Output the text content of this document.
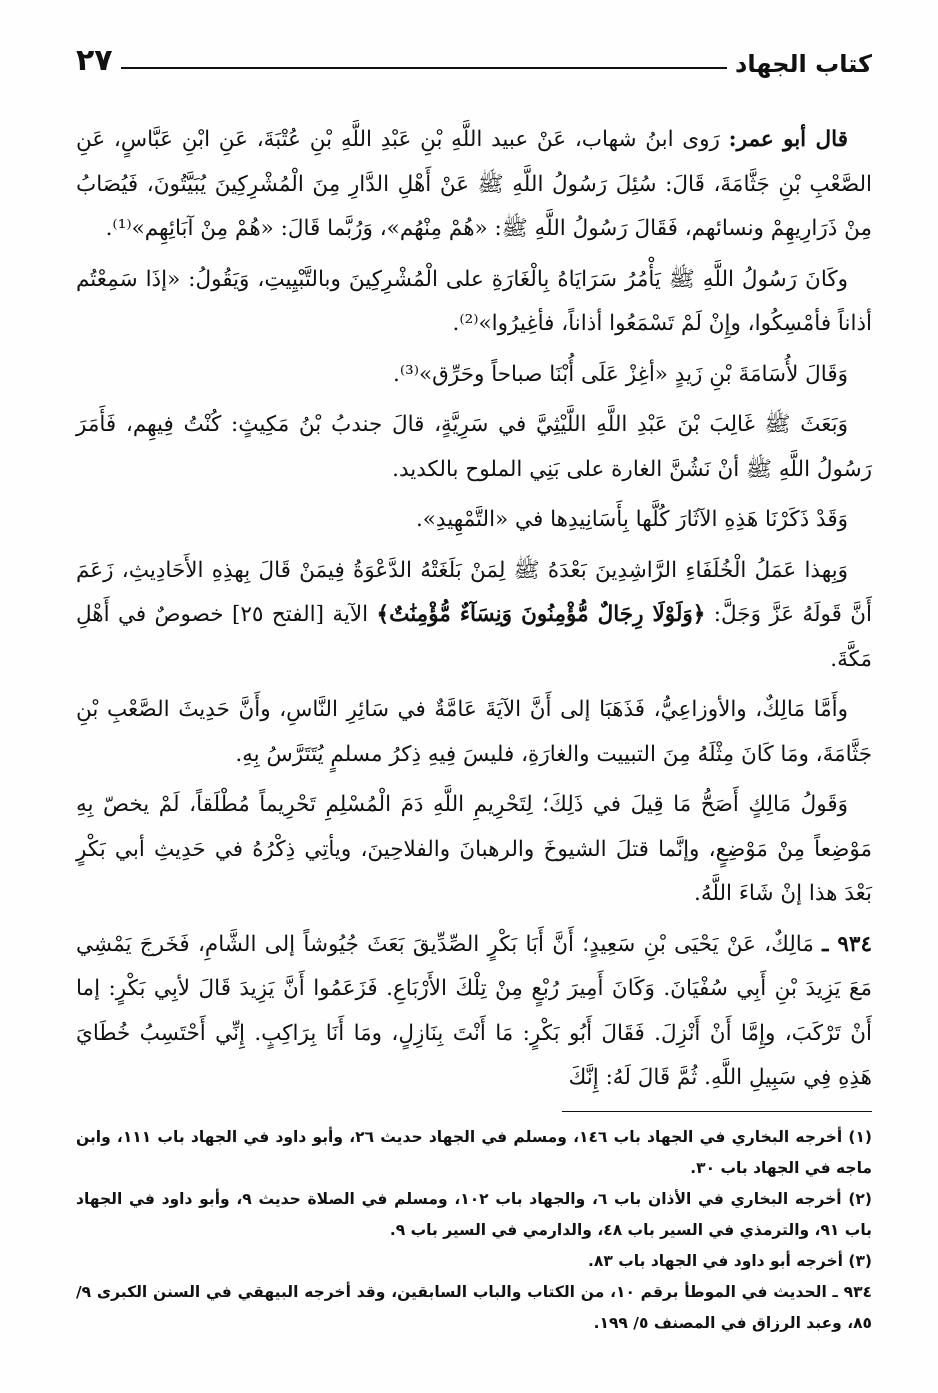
كتاب الجهاد
٢٧

قال أبو عمر: رَوى ابنُ شهاب، عَنْ عبيد اللَّهِ بْنِ عَبْدِ اللَّهِ بْنِ عُتْبَةَ، عَنِ ابْنِ عَبَّاسٍ، عَنِ الصَّعْبِ بْنِ جَثَّامَةَ، قَالَ: سُئِلَ رَسُولُ اللَّهِ ﷺ عَنْ أَهْلِ الدَّارِ مِنَ الْمُشْرِكِينَ يُبَيَّتُونَ، فَيُصَابُ مِنْ ذَرَارِيهِمْ ونسائهم، فَقَالَ رَسُولُ اللَّهِ ﷺ: «هُمْ مِنْهُم»، وَرُبَّما قَالَ: «هُمْ مِنْ آبَائِهِم»⁽¹⁾.

وكَانَ رَسُولُ اللَّهِ ﷺ يَأْمُرُ سَرَايَاهُ بِالْغَارَةِ على الْمُشْرِكِينَ وبالتَّبْيِيتِ، وَيَقُولُ: «إذَا سَمِعْتُم أذاناً فأمْسِكُوا، وإِنْ لَمْ تَسْمَعُوا أذاناً، فأغِيرُوا»⁽²⁾.

وَقَالَ لأُسَامَةَ بْنِ زَيدٍ «أغِزْ عَلَى أُبْنَا صباحاً وحَرِّق»⁽³⁾.

وَبَعَثَ ﷺ غَالِبَ بْنَ عَبْدِ اللَّهِ اللَّيْثِيَّ في سَرِيَّةٍ، قالَ جندبُ بْنُ مَكِيثٍ: كُنْتُ فِيهِم، فَأَمَرَ رَسُولُ اللَّهِ ﷺ أنْ نَشُنَّ الغارة على بَنِي الملوح بالكديد.

وَقَدْ ذَكَرْنَا هَذِهِ الآثَارَ كُلَّها بِأَسَانِيدِها في «التَّمْهِيدِ».

وَبِهذا عَمَلُ الْخُلَفَاءِ الرَّاشِدِينَ بَعْدَهُ ﷺ لِمَنْ بَلَغَتْهُ الدَّعْوَةُ فِيمَنْ قَالَ بِهذِهِ الأَحَادِيثِ، زَعَمَ أَنَّ قَولَهُ عَزَّ وَجَلَّ: ﴿وَلَوْلَا رِجَالٌ مُّؤْمِنُونَ وَنِسَآءٌ مُّؤْمِنَٰتٌ﴾ الآية [الفتح ٢٥] خصوصٌ في أَهْلِ مَكَّةَ.

وأَمَّا مَالِكٌ، والأوزاعِيُّ، فَذَهَبَا إلى أَنَّ الآيَةَ عَامَّةٌ في سَائِرِ النَّاسِ، وأَنَّ حَدِيثَ الصَّعْبِ بْنِ جَثَّامَةَ، ومَا كَانَ مِثْلَهُ مِنَ التبييت والغارَةِ، فليسَ فِيهِ ذِكرُ مسلمٍ يُتَتَرَّسُ بِهِ.

وَقَولُ مَالِكٍ أَصَحُّ مَا قِيلَ في ذَلِكَ؛ لِتَحْرِيمِ اللَّهِ دَمَ الْمُسْلِمِ تَحْرِيماً مُطْلَقاً، لَمْ يخصّ بِهِ مَوْضِعاً مِنْ مَوْضِعٍ، وإنَّما قتلَ الشيوخَ والرهبانَ والفلاحِينَ، ويأتِي ذِكْرُهُ في حَدِيثِ أبي بَكْرٍ بَعْدَ هذا إنْ شَاءَ اللَّهُ.

٩٣٤ ـ مَالِكٌ، عَنْ يَحْيَى بْنِ سَعِيدٍ؛ أَنَّ أَبَا بَكْرٍ الصِّدِّيقَ بَعَثَ جُيُوشاً إلى الشَّامِ، فَخَرجَ يَمْشِي مَعَ يَزِيدَ بْنِ أَبِي سُفْيَانَ. وَكَانَ أَمِيرَ رُبْعٍ مِنْ تِلْكَ الأَرْبَاعِ. فَزَعَمُوا أَنَّ يَزِيدَ قَالَ لأبِي بَكْرٍ: إما أَنْ تَرْكَبَ، وإِمَّا أَنْ أَنْزِلَ. فَقَالَ أَبُو بَكْرٍ: مَا أَنْتَ بِنَازِلٍ، ومَا أَنَا بِرَاكِبٍ. إِنِّي أَحْتَسِبُ خُطَايَ هَذِهِ فِي سَبِيلِ اللَّهِ. ثُمَّ قَالَ لَهُ: إِنَّكَ

(١) أخرجه البخاري في الجهاد باب ١٤٦، ومسلم في الجهاد حديث ٢٦، وأبو داود في الجهاد باب ١١١، وابن ماجه في الجهاد باب ٣٠.

(٢) أخرجه البخاري في الأذان باب ٦، والجهاد باب ١٠٢، ومسلم في الصلاة حديث ٩، وأبو داود في الجهاد باب ٩١، والترمذي في السير باب ٤٨، والدارمي في السير باب ٩.

(٣) أخرجه أبو داود في الجهاد باب ٨٣.

٩٣٤ ـ الحديث في الموطأ برقم ١٠، من الكتاب والباب السابقين، وقد أخرجه البيهقي في السنن الكبرى ٩/ ٨٥، وعبد الرزاق في المصنف ٥/ ١٩٩.
